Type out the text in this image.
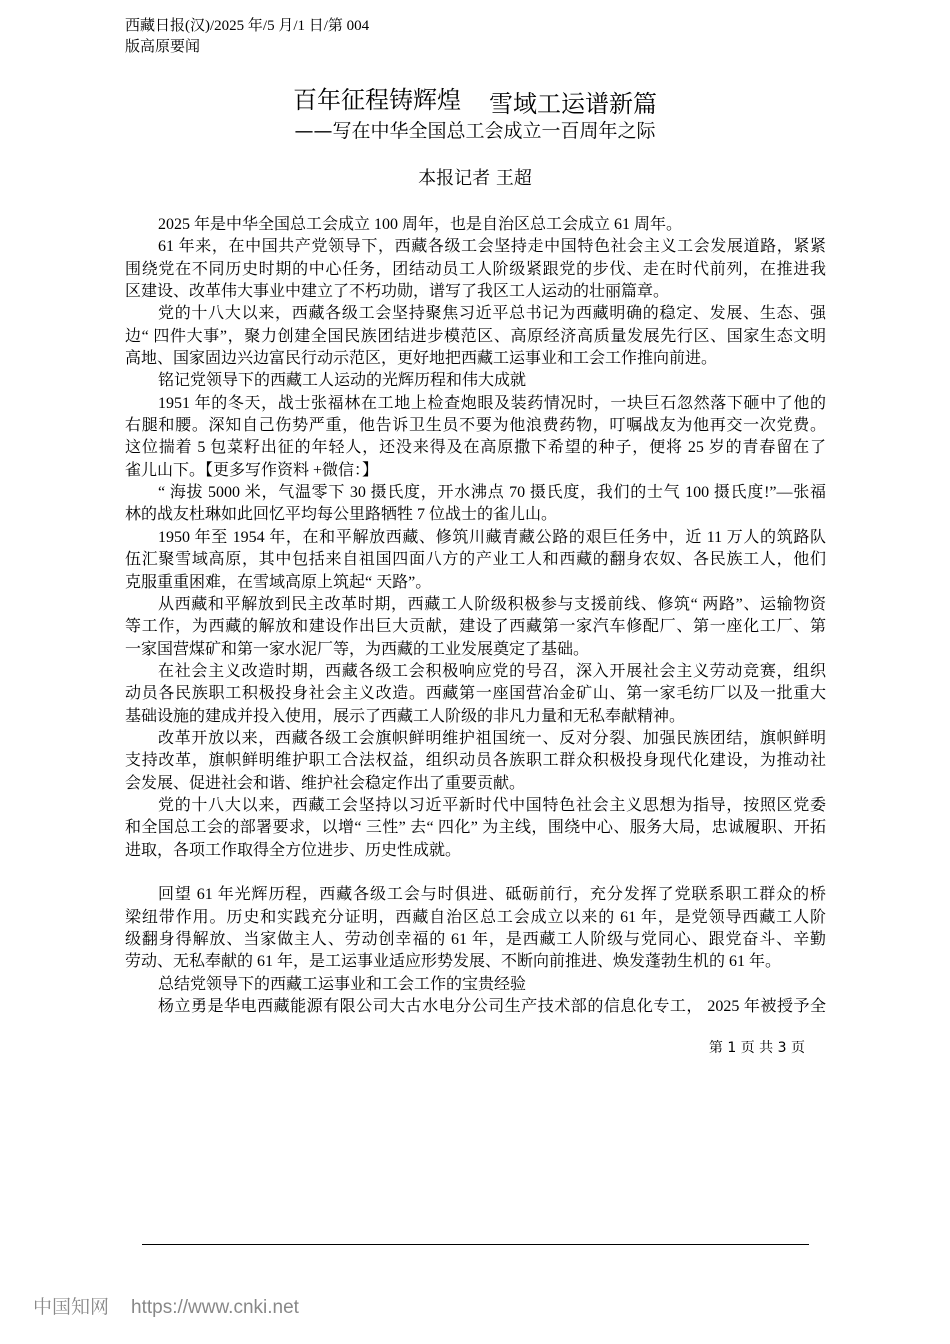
西藏日报(汉)/2025 年/5 月/1 日/第 004
版高原要闻
百年征程铸辉煌 雪域工运谱新篇
——写在中华全国总工会成立一百周年之际
本报记者 王超
2025 年是中华全国总工会成立 100 周年，也是自治区总工会成立 61 周年。
61 年来，在中国共产党领导下，西藏各级工会坚持走中国特色社会主义工会发展道路，紧紧
围绕党在不同历史时期的中心任务，团结动员工人阶级紧跟党的步伐、走在时代前列，在推进我
区建设、改革伟大事业中建立了不朽功勋，谱写了我区工人运动的壮丽篇章。
党的十八大以来，西藏各级工会坚持聚焦习近平总书记为西藏明确的稳定、发展、生态、强
边“ 四件大事”，聚力创建全国民族团结进步模范区、高原经济高质量发展先行区、国家生态文明
高地、国家固边兴边富民行动示范区，更好地把西藏工运事业和工会工作推向前进。
铭记党领导下的西藏工人运动的光辉历程和伟大成就
1951 年的冬天，战士张福林在工地上检查炮眼及装药情况时，一块巨石忽然落下砸中了他的
右腿和腰。深知自己伤势严重，他告诉卫生员不要为他浪费药物，叮嘱战友为他再交一次党费。
这位揣着 5 包菜籽出征的年轻人，还没来得及在高原撒下希望的种子，便将 25 岁的青春留在了
雀儿山下。【更多写作资料 +微信：】
“ 海拔 5000 米，气温零下 30 摄氏度，开水沸点 70 摄氏度，我们的士气 100 摄氏度!”—张福
林的战友杜琳如此回忆平均每公里路牺牲 7 位战士的雀儿山。
1950 年至 1954 年，在和平解放西藏、修筑川藏青藏公路的艰巨任务中，近 11 万人的筑路队
伍汇聚雪域高原，其中包括来自祖国四面八方的产业工人和西藏的翻身农奴、各民族工人，他们
克服重重困难，在雪域高原上筑起“ 天路”。
从西藏和平解放到民主改革时期，西藏工人阶级积极参与支援前线、修筑“ 两路”、运输物资
等工作，为西藏的解放和建设作出巨大贡献，建设了西藏第一家汽车修配厂、第一座化工厂、第
一家国营煤矿和第一家水泥厂等，为西藏的工业发展奠定了基础。
在社会主义改造时期，西藏各级工会积极响应党的号召，深入开展社会主义劳动竞赛，组织
动员各民族职工积极投身社会主义改造。西藏第一座国营冶金矿山、第一家毛纺厂以及一批重大
基础设施的建成并投入使用，展示了西藏工人阶级的非凡力量和无私奉献精神。
改革开放以来，西藏各级工会旗帜鲜明维护祖国统一、反对分裂、加强民族团结，旗帜鲜明
支持改革，旗帜鲜明维护职工合法权益，组织动员各族职工群众积极投身现代化建设，为推动社
会发展、促进社会和谐、维护社会稳定作出了重要贡献。
党的十八大以来，西藏工会坚持以习近平新时代中国特色社会主义思想为指导，按照区党委
和全国总工会的部署要求，以增“ 三性” 去“ 四化” 为主线，围绕中心、服务大局，忠诚履职、开拓
进取，各项工作取得全方位进步、历史性成就。
回望 61 年光辉历程，西藏各级工会与时俱进、砥砺前行，充分发挥了党联系职工群众的桥
梁纽带作用。历史和实践充分证明，西藏自治区总工会成立以来的 61 年，是党领导西藏工人阶
级翻身得解放、当家做主人、劳动创幸福的 61 年，是西藏工人阶级与党同心、跟党奋斗、辛勤
劳动、无私奉献的 61 年，是工运事业适应形势发展、不断向前推进、焕发蓬勃生机的 61 年。
总结党领导下的西藏工运事业和工会工作的宝贵经验
杨立勇是华电西藏能源有限公司大古水电分公司生产技术部的信息化专工， 2025 年被授予全
第 1 页 共 3 页
中国知网 https://www.cnki.net
